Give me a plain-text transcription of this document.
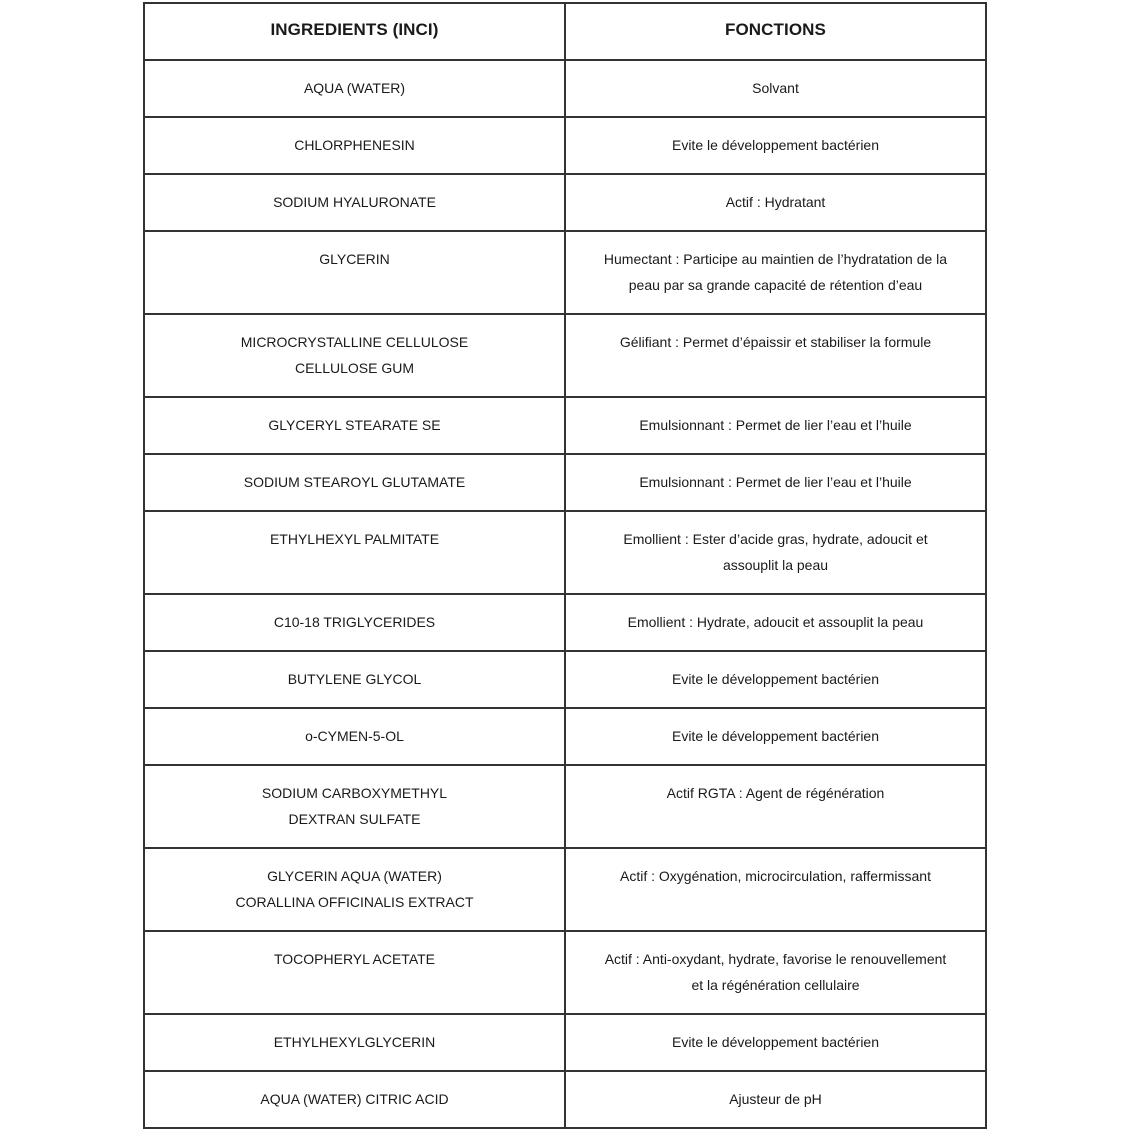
INGREDIENTS (INCI)	FONCTIONS
AQUA (WATER)	Solvant
CHLORPHENESIN	Evite le développement bactérien
SODIUM HYALURONATE	Actif : Hydratant
GLYCERIN	Humectant : Participe au maintien de l’hydratation de la
peau par sa grande capacité de rétention d’eau
MICROCRYSTALLINE CELLULOSE
CELLULOSE GUM	Gélifiant : Permet d’épaissir et stabiliser la formule
GLYCERYL STEARATE SE	Emulsionnant : Permet de lier l’eau et l’huile
SODIUM STEAROYL GLUTAMATE	Emulsionnant : Permet de lier l’eau et l’huile
ETHYLHEXYL PALMITATE	Emollient : Ester d’acide gras, hydrate, adoucit et
assouplit la peau
C10-18 TRIGLYCERIDES	Emollient : Hydrate, adoucit et assouplit la peau
BUTYLENE GLYCOL	Evite le développement bactérien
o-CYMEN-5-OL	Evite le développement bactérien
SODIUM CARBOXYMETHYL
DEXTRAN SULFATE	Actif RGTA : Agent de régénération
GLYCERIN AQUA (WATER)
CORALLINA OFFICINALIS EXTRACT	Actif : Oxygénation, microcirculation, raffermissant
TOCOPHERYL ACETATE	Actif : Anti-oxydant, hydrate, favorise le renouvellement
et la régénération cellulaire
ETHYLHEXYLGLYCERIN	Evite le développement bactérien
AQUA (WATER) CITRIC ACID	Ajusteur de pH
